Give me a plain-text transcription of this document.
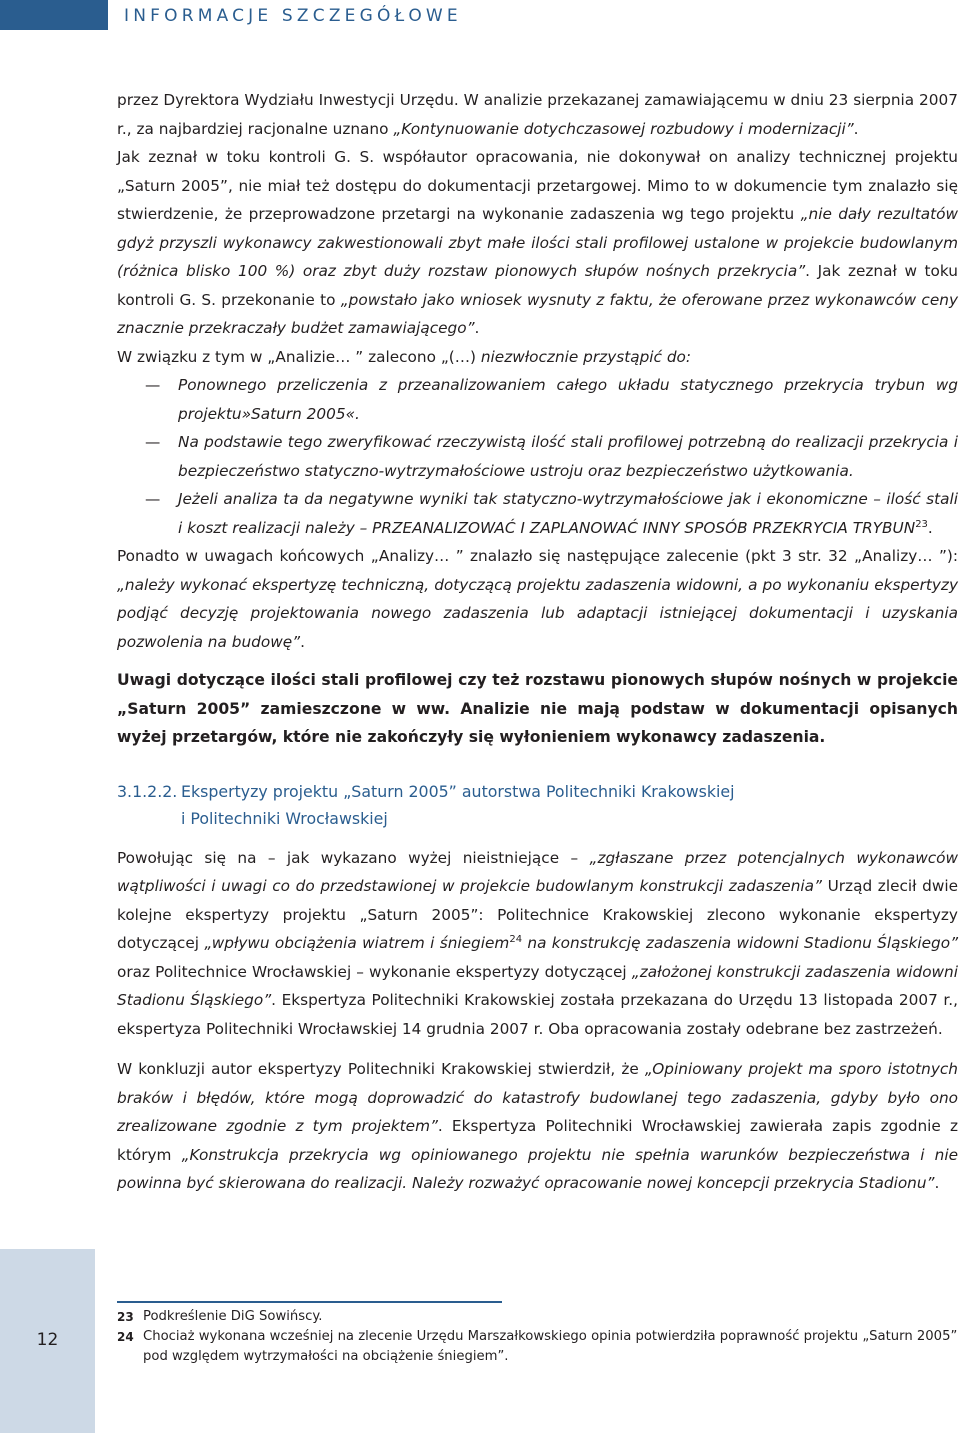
INFORMACJE SZCZEGÓŁOWE

przez Dyrektora Wydziału Inwestycji Urzędu. W analizie przekazanej zamawiającemu w dniu 23 sierpnia 2007 r., za najbardziej racjonalne uznano „Kontynuowanie dotychczasowej rozbudowy i modernizacji”.

Jak zeznał w toku kontroli G. S. współautor opracowania, nie dokonywał on analizy technicznej projektu „Saturn 2005”, nie miał też dostępu do dokumentacji przetargowej. Mimo to w dokumencie tym znalazło się stwierdzenie, że przeprowadzone przetargi na wykonanie zadaszenia wg tego projektu „nie dały rezultatów gdyż przyszli wykonawcy zakwestionowali zbyt małe ilości stali profilowej ustalone w projekcie budowlanym (różnica blisko 100 %) oraz zbyt duży rozstaw pionowych słupów nośnych przekrycia”. Jak zeznał w toku kontroli G. S. przekonanie to „powstało jako wniosek wysnuty z faktu, że oferowane przez wykonawców ceny znacznie przekraczały budżet zamawiającego”.

W związku z tym w „Analizie… ” zalecono „(…) niezwłocznie przystąpić do:

— Ponownego przeliczenia z przeanalizowaniem całego układu statycznego przekrycia trybun wg projektu»Saturn 2005«.
— Na podstawie tego zweryfikować rzeczywistą ilość stali profilowej potrzebną do realizacji przekrycia i bezpieczeństwo statyczno-wytrzymałościowe ustroju oraz bezpieczeństwo użytkowania.
— Jeżeli analiza ta da negatywne wyniki tak statyczno-wytrzymałościowe jak i ekonomiczne – ilość stali i koszt realizacji należy – PRZEANALIZOWAĆ I ZAPLANOWAĆ INNY SPOSÓB PRZEKRYCIA TRYBUN$^{23}$.

Ponadto w uwagach końcowych „Analizy… ” znalazło się następujące zalecenie (pkt 3 str. 32 „Analizy… ”): „należy wykonać ekspertyzę techniczną, dotyczącą projektu zadaszenia widowni, a po wykonaniu ekspertyzy podjąć decyzję projektowania nowego zadaszenia lub adaptacji istniejącej dokumentacji i uzyskania pozwolenia na budowę”.

Uwagi dotyczące ilości stali profilowej czy też rozstawu pionowych słupów nośnych w projekcie „Saturn 2005” zamieszczone w ww. Analizie nie mają podstaw w dokumentacji opisanych wyżej przetargów, które nie zakończyły się wyłonieniem wykonawcy zadaszenia.

3.1.2.2. Ekspertyzy projektu „Saturn 2005” autorstwa Politechniki Krakowskiej
i Politechniki Wrocławskiej

Powołując się na – jak wykazano wyżej nieistniejące – „zgłaszane przez potencjalnych wykonawców wątpliwości i uwagi co do przedstawionej w projekcie budowlanym konstrukcji zadaszenia” Urząd zlecił dwie kolejne ekspertyzy projektu „Saturn 2005”: Politechnice Krakowskiej zlecono wykonanie ekspertyzy dotyczącej „wpływu obciążenia wiatrem i śniegiem$^{24}$ na konstrukcję zadaszenia widowni Stadionu Śląskiego” oraz Politechnice Wrocławskiej – wykonanie ekspertyzy dotyczącej „założonej konstrukcji zadaszenia widowni Stadionu Śląskiego”. Ekspertyza Politechniki Krakowskiej została przekazana do Urzędu 13 listopada 2007 r., ekspertyza Politechniki Wrocławskiej 14 grudnia 2007 r. Oba opracowania zostały odebrane bez zastrzeżeń.

W konkluzji autor ekspertyzy Politechniki Krakowskiej stwierdził, że „Opiniowany projekt ma sporo istotnych braków i błędów, które mogą doprowadzić do katastrofy budowlanej tego zadaszenia, gdyby było ono zrealizowane zgodnie z tym projektem”. Ekspertyza Politechniki Wrocławskiej zawierała zapis zgodnie z którym „Konstrukcja przekrycia wg opiniowanego projektu nie spełnia warunków bezpieczeństwa i nie powinna być skierowana do realizacji. Należy rozważyć opracowanie nowej koncepcji przekrycia Stadionu”.

23 Podkreślenie DiG Sowińscy.
24 Chociaż wykonana wcześniej na zlecenie Urzędu Marszałkowskiego opinia potwierdziła poprawność projektu „Saturn 2005” pod względem wytrzymałości na obciążenie śniegiem”.
12
